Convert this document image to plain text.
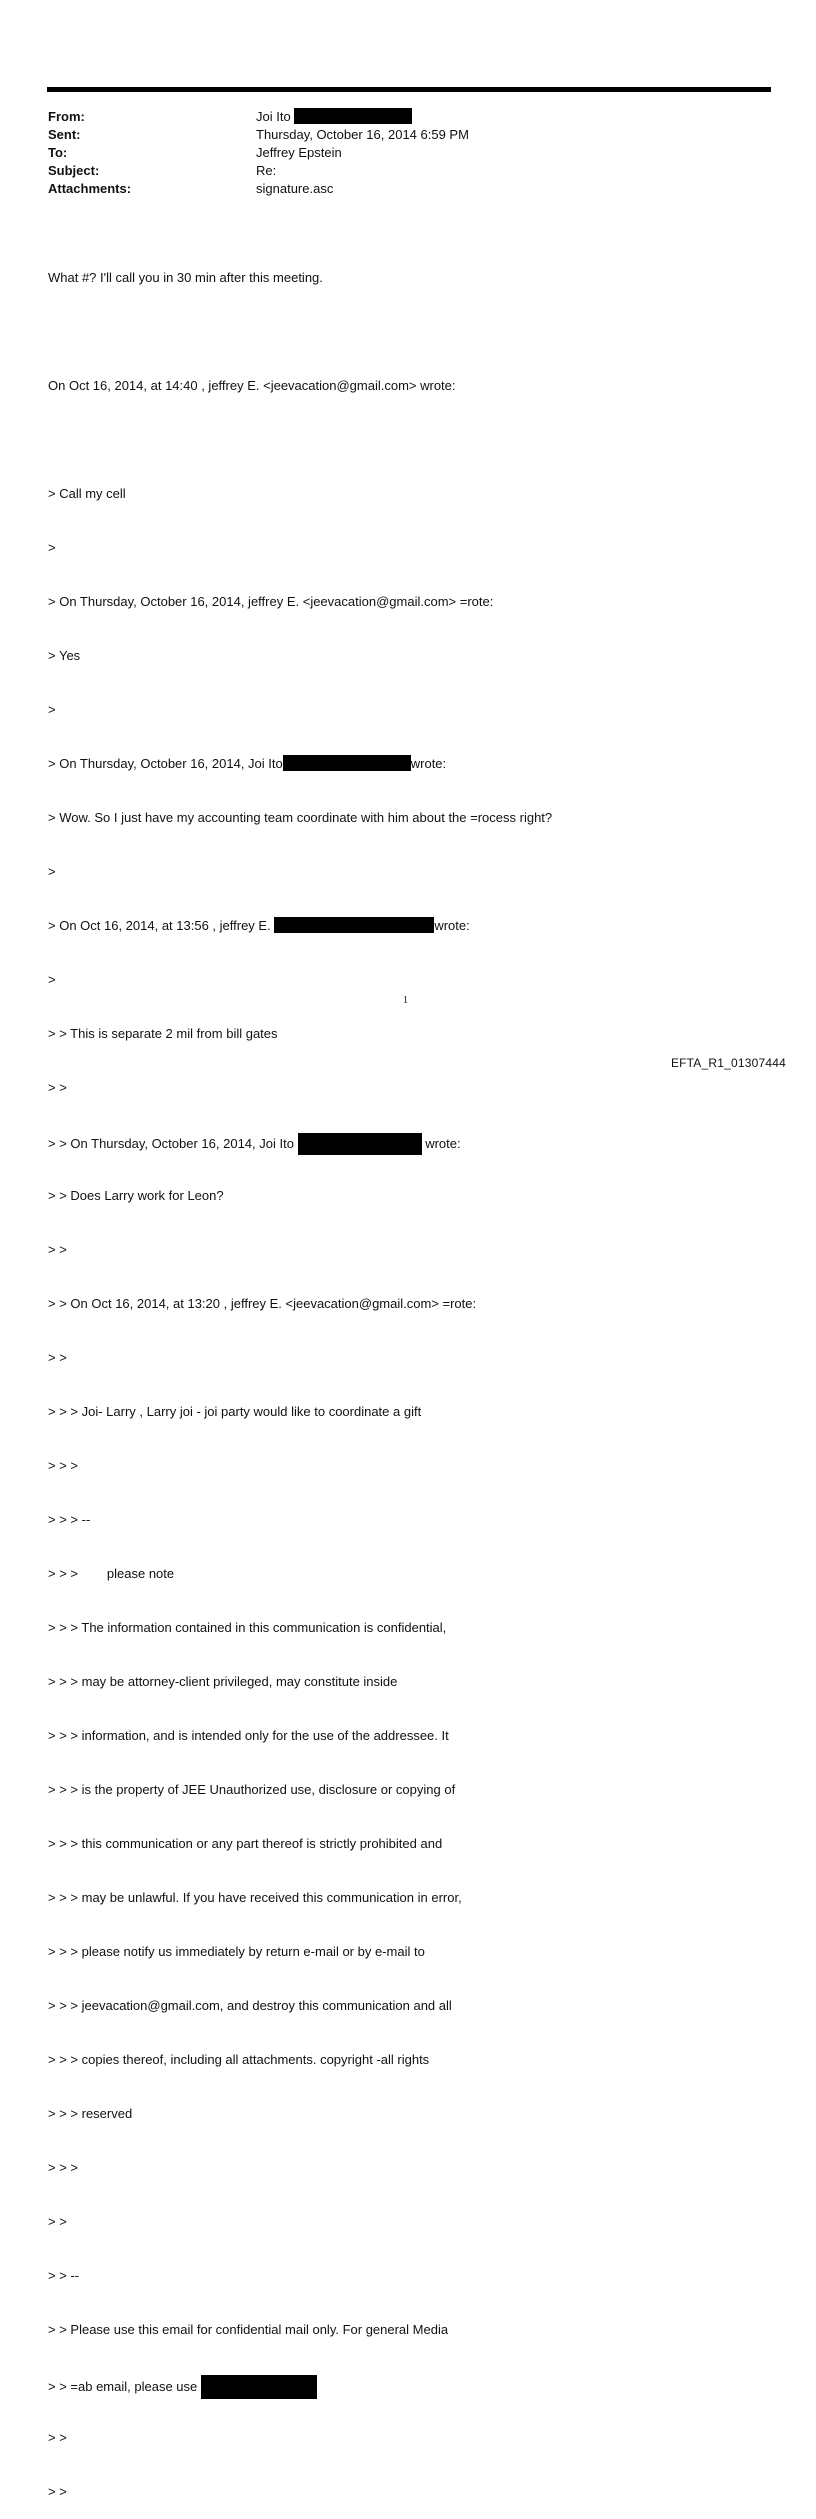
From:	Joi Ito
Sent:	Thursday, October 16, 2014 6:59 PM
To:	Jeffrey Epstein
Subject:	Re:
Attachments:	signature.asc

What #? I'll call you in 30 min after this meeting.

On Oct 16, 2014, at 14:40 , jeffrey E. <jeevacation@gmail.com> wrote:

> Call my cell

>

> On Thursday, October 16, 2014, jeffrey E. <jeevacation@gmail.com> =rote:

> Yes

>

> On Thursday, October 16, 2014, Joi Ito	wrote:

> Wow. So I just have my accounting team coordinate with him about the =rocess right?

>

> On Oct 16, 2014, at 13:56 , jeffrey E.	wrote:

>

> > This is separate 2 mil from bill gates

> >

> > On Thursday, October 16, 2014, Joi Ito	wrote:

> > Does Larry work for Leon?

> >

> > On Oct 16, 2014, at 13:20 , jeffrey E. <jeevacation@gmail.com> =rote:

> >

> > > Joi- Larry , Larry joi - joi party would like to coordinate a gift

> > >

> > > --

> > >        please note

> > > The information contained in this communication is confidential,

> > > may be attorney-client privileged, may constitute inside

> > > information, and is intended only for the use of the addressee. It

> > > is the property of JEE Unauthorized use, disclosure or copying of

> > > this communication or any part thereof is strictly prohibited and

> > > may be unlawful. If you have received this communication in error,

> > > please notify us immediately by return e-mail or by e-mail to

> > > jeevacation@gmail.com, and destroy this communication and all

> > > copies thereof, including all attachments. copyright -all rights

> > > reserved

> > >

> >

> > --

> > Please use this email for confidential mail only. For general Media

> > =ab email, please use

> >

> >

1
EFTA_R1_01307444
